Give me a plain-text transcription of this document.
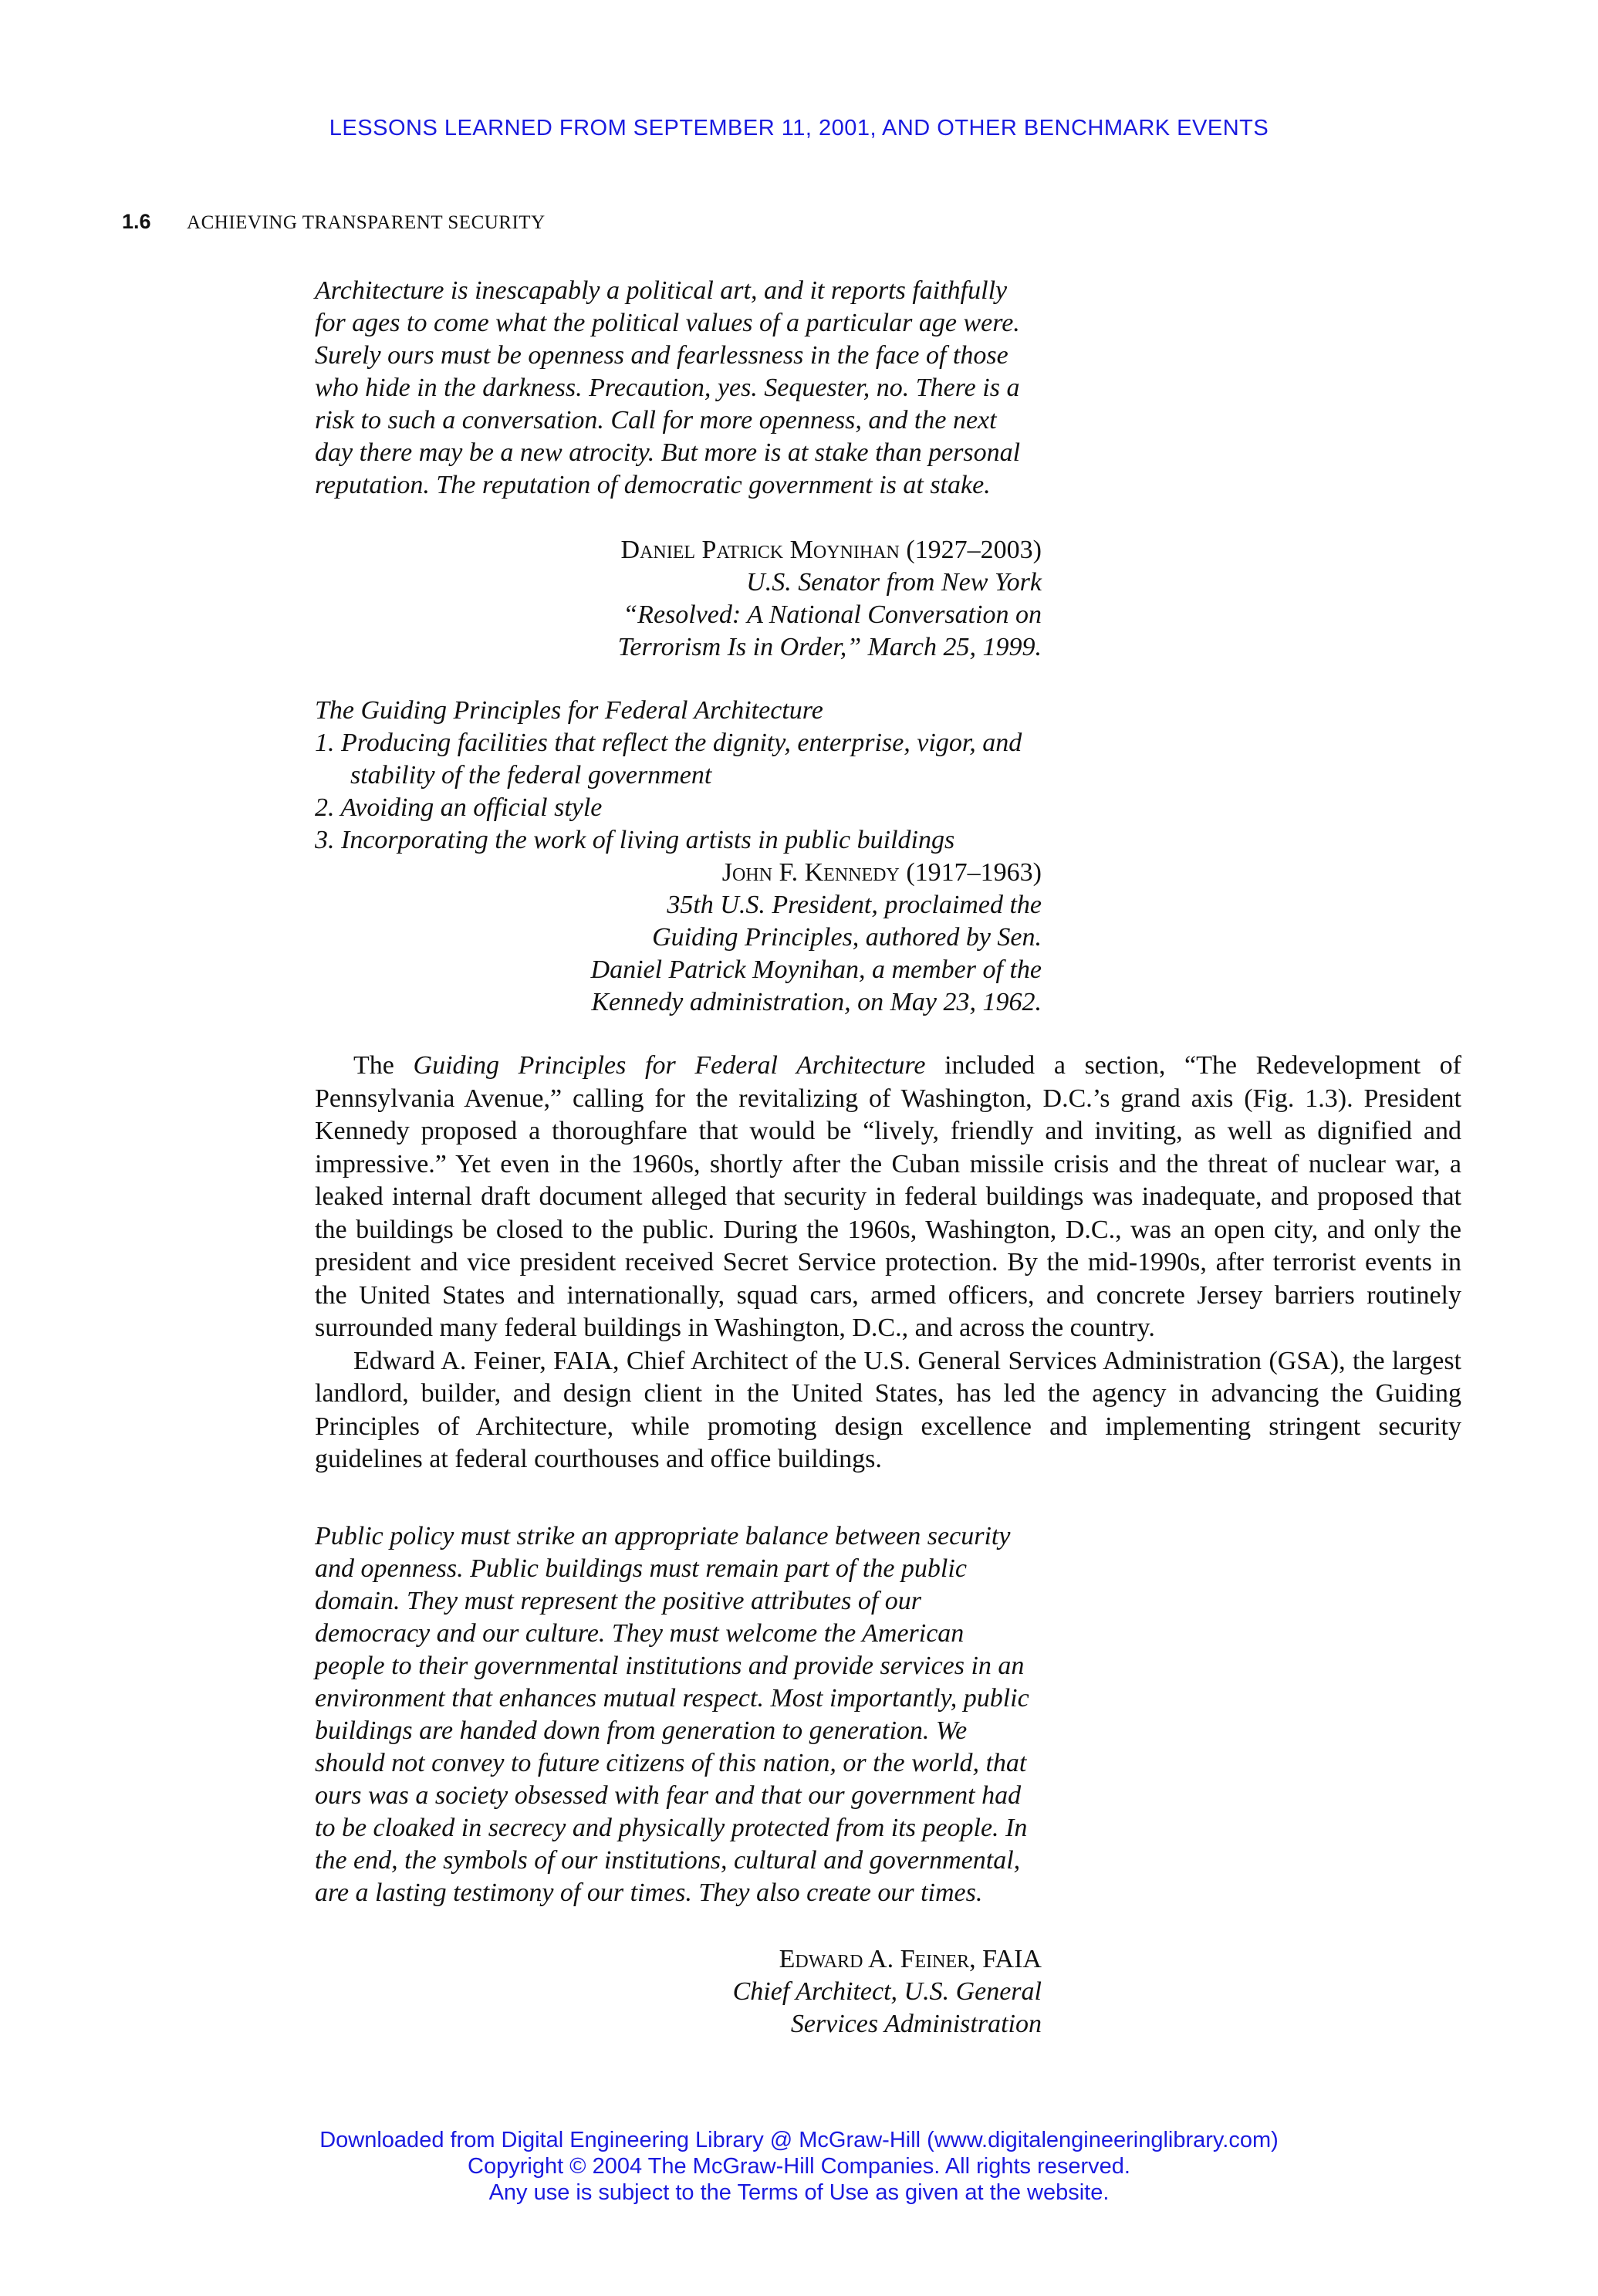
LESSONS LEARNED FROM SEPTEMBER 11, 2001, AND OTHER BENCHMARK EVENTS
1.6 ACHIEVING TRANSPARENT SECURITY

Architecture is inescapably a political art, and it reports faithfully for ages to come what the political values of a particular age were. Surely ours must be openness and fearlessness in the face of those who hide in the darkness. Precaution, yes. Sequester, no. There is a risk to such a conversation. Call for more openness, and the next day there may be a new atrocity. But more is at stake than personal reputation. The reputation of democratic government is at stake.

Daniel Patrick Moynihan (1927–2003)
U.S. Senator from New York
“Resolved: A National Conversation on
Terrorism Is in Order,” March 25, 1999.

The Guiding Principles for Federal Architecture

1. Producing facilities that reflect the dignity, enterprise, vigor, and stability of the federal government
2. Avoiding an official style
3. Incorporating the work of living artists in public buildings
John F. Kennedy (1917–1963)
35th U.S. President, proclaimed the
Guiding Principles, authored by Sen.
Daniel Patrick Moynihan, a member of the
Kennedy administration, on May 23, 1962.

The Guiding Principles for Federal Architecture included a section, “The Redevelopment of Pennsylvania Avenue,” calling for the revitalizing of Washington, D.C.’s grand axis (Fig. 1.3). President Kennedy proposed a thoroughfare that would be “lively, friendly and inviting, as well as dignified and impressive.” Yet even in the 1960s, shortly after the Cuban missile crisis and the threat of nuclear war, a leaked internal draft document alleged that security in federal buildings was inadequate, and proposed that the buildings be closed to the public. During the 1960s, Washington, D.C., was an open city, and only the president and vice president received Secret Service protection. By the mid-1990s, after terrorist events in the United States and internationally, squad cars, armed officers, and concrete Jersey barriers routinely surrounded many federal buildings in Washington, D.C., and across the country.

Edward A. Feiner, FAIA, Chief Architect of the U.S. General Services Administration (GSA), the largest landlord, builder, and design client in the United States, has led the agency in advancing the Guiding Principles of Architecture, while promoting design excellence and implementing stringent security guidelines at federal courthouses and office buildings.

Public policy must strike an appropriate balance between security and openness. Public buildings must remain part of the public domain. They must represent the positive attributes of our democracy and our culture. They must welcome the American people to their governmental institutions and provide services in an environment that enhances mutual respect. Most importantly, public buildings are handed down from generation to generation. We should not convey to future citizens of this nation, or the world, that ours was a society obsessed with fear and that our government had to be cloaked in secrecy and physically protected from its people. In the end, the symbols of our institutions, cultural and governmental, are a lasting testimony of our times. They also create our times.

Edward A. Feiner, FAIA
Chief Architect, U.S. General
Services Administration

Downloaded from Digital Engineering Library @ McGraw-Hill (www.digitalengineeringlibrary.com)

Copyright © 2004 The McGraw-Hill Companies. All rights reserved.

Any use is subject to the Terms of Use as given at the website.
